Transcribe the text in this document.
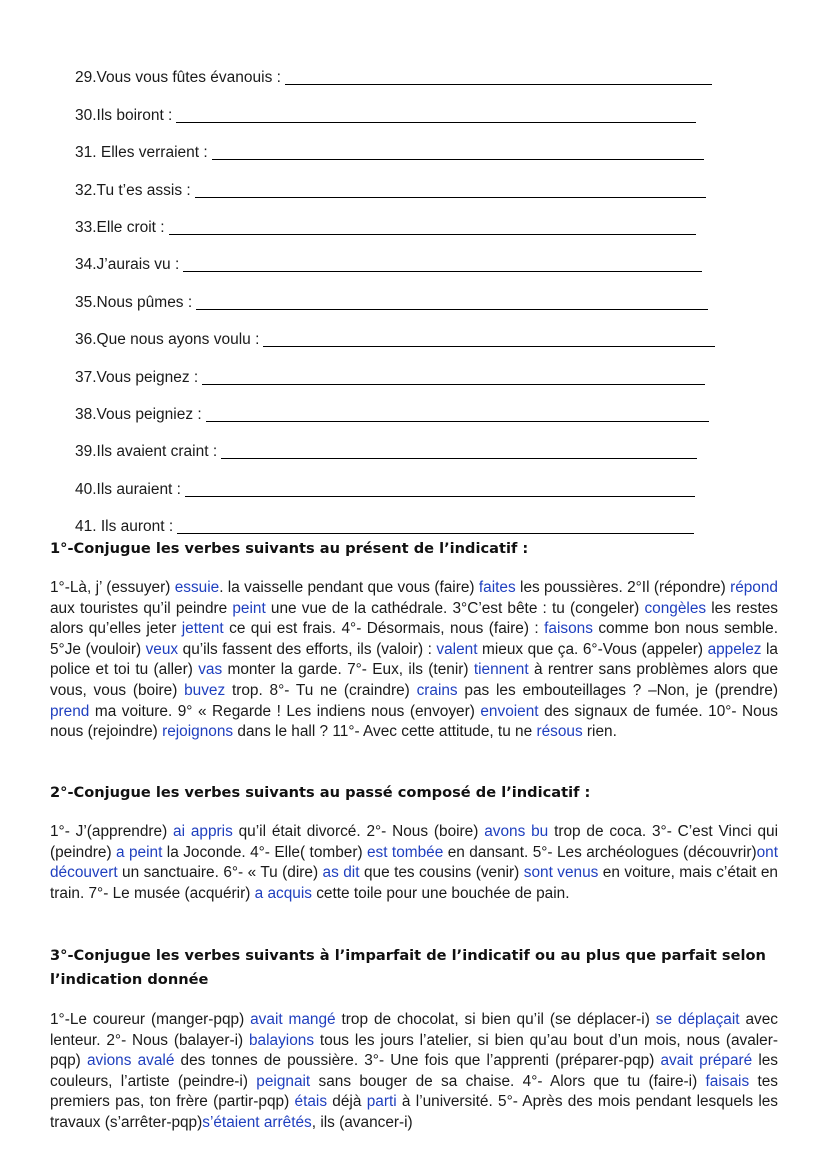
29.Vous vous fûtes évanouis :
30.Ils boiront :
31. Elles verraient :
32.Tu t’es assis :
33.Elle croit :
34.J’aurais vu :
35.Nous pûmes :
36.Que nous ayons voulu :
37.Vous peignez :
38.Vous peigniez :
39.Ils avaient craint :
40.Ils auraient :
41. Ils auront :
1°-Conjugue les verbes suivants au présent de l’indicatif :
1°-Là, j’ (essuyer) essuie. la vaisselle pendant que vous (faire) faites les poussières. 2°Il (répondre) répond aux touristes qu’il peindre peint une vue de la cathédrale. 3°C’est bête : tu (congeler) congèles les restes alors qu’elles jeter jettent ce qui est frais. 4°- Désormais, nous (faire) : faisons comme bon nous semble. 5°Je (vouloir) veux qu’ils fassent des efforts, ils (valoir) : valent mieux que ça. 6°-Vous (appeler) appelez la police et toi tu (aller) vas monter la garde. 7°- Eux, ils (tenir) tiennent à rentrer sans problèmes alors que vous, vous (boire) buvez trop. 8°- Tu ne (craindre) crains pas les embouteillages ? –Non, je (prendre) prend ma voiture. 9° « Regarde ! Les indiens nous (envoyer) envoient des signaux de fumée. 10°- Nous nous (rejoindre) rejoignons dans le hall ? 11°- Avec cette attitude, tu ne résous rien.
2°-Conjugue les verbes suivants au passé composé de l’indicatif :
1°- J’(apprendre) ai appris qu’il était divorcé. 2°- Nous (boire) avons bu trop de coca. 3°- C’est Vinci qui (peindre) a peint la Joconde. 4°- Elle( tomber) est tombée en dansant. 5°- Les archéologues (découvrir)ont découvert un sanctuaire. 6°- « Tu (dire) as dit que tes cousins (venir) sont venus en voiture, mais c’était en train. 7°- Le musée (acquérir) a acquis cette toile pour une bouchée de pain.
3°-Conjugue les verbes suivants à l’imparfait de l’indicatif ou au plus que parfait selon l’indication donnée
1°-Le coureur (manger-pqp) avait mangé trop de chocolat, si bien qu’il (se déplacer-i) se déplaçait avec lenteur. 2°- Nous (balayer-i) balayions tous les jours l’atelier, si bien qu’au bout d’un mois, nous (avaler-pqp) avions avalé des tonnes de poussière. 3°- Une fois que l’apprenti (préparer-pqp) avait préparé les couleurs, l’artiste (peindre-i) peignait sans bouger de sa chaise. 4°- Alors que tu (faire-i) faisais tes premiers pas, ton frère (partir-pqp) étais déjà parti à l’université. 5°- Après des mois pendant lesquels les travaux (s’arrêter-pqp)s’étaient arrêtés, ils (avancer-i)
